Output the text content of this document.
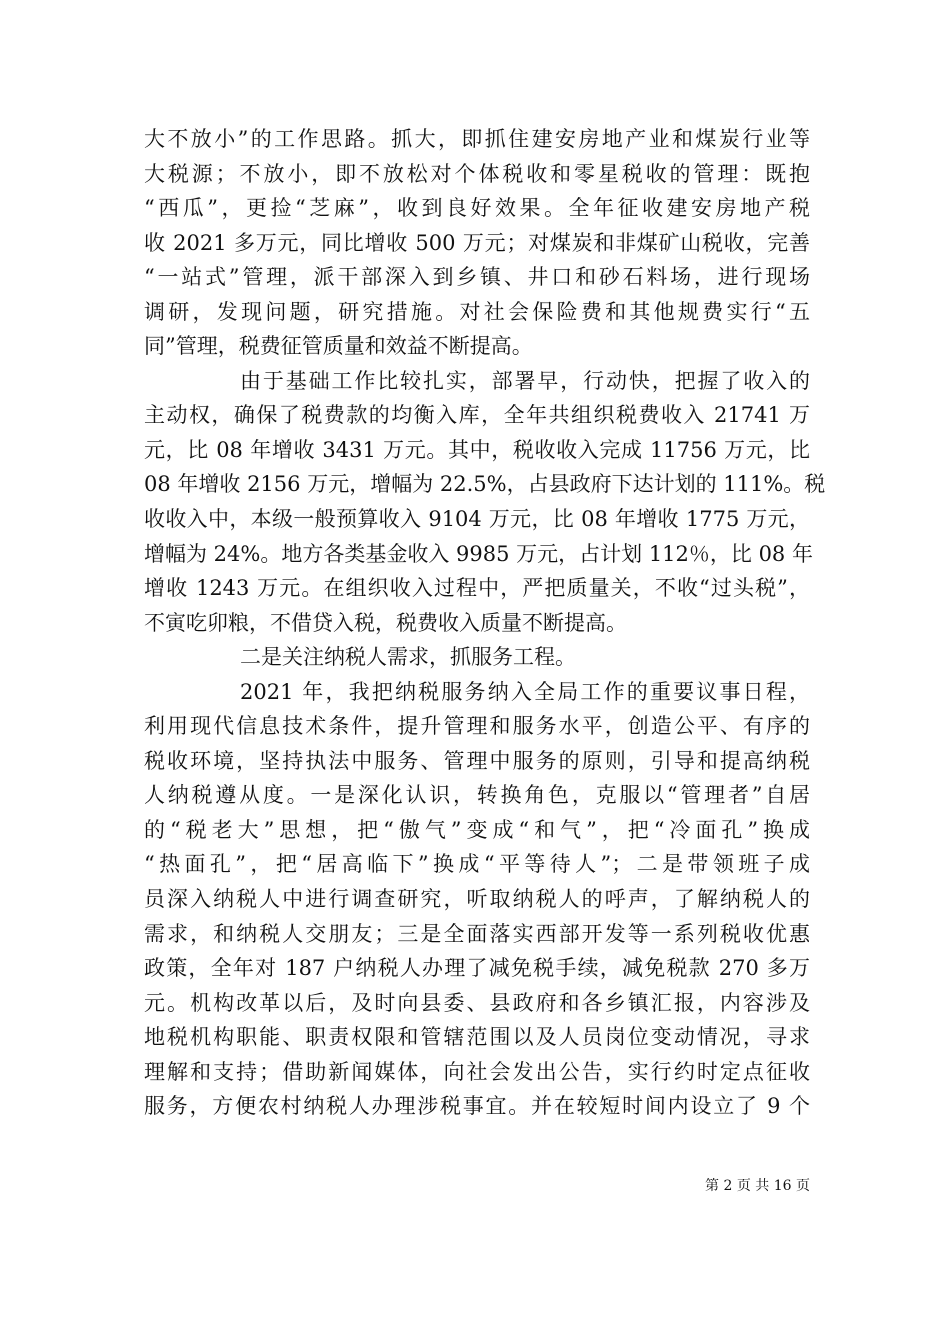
大不放小”的工作思路。抓大，即抓住建安房地产业和煤炭行业等
大税源；不放小，即不放松对个体税收和零星税收的管理：既抱
“西瓜”，更捡“芝麻”，收到良好效果。全年征收建安房地产税
收 2021 多万元，同比增收 500 万元；对煤炭和非煤矿山税收，完善
“一站式”管理，派干部深入到乡镇、井口和砂石料场，进行现场
调研，发现问题，研究措施。对社会保险费和其他规费实行“五
同”管理，税费征管质量和效益不断提高。
由于基础工作比较扎实，部署早，行动快，把握了收入的
主动权，确保了税费款的均衡入库，全年共组织税费收入 21741 万
元，比 08 年增收 3431 万元。其中，税收收入完成 11756 万元，比
08 年增收 2156 万元，增幅为 22.5%，占县政府下达计划的 111%。税
收收入中，本级一般预算收入 9104 万元，比 08 年增收 1775 万元，
增幅为 24%。地方各类基金收入 9985 万元，占计划 112％，比 08 年
增收 1243 万元。在组织收入过程中，严把质量关，不收“过头税”，
不寅吃卯粮，不借贷入税，税费收入质量不断提高。
二是关注纳税人需求，抓服务工程。
2021 年，我把纳税服务纳入全局工作的重要议事日程，
利用现代信息技术条件，提升管理和服务水平，创造公平、有序的
税收环境，坚持执法中服务、管理中服务的原则，引导和提高纳税
人纳税遵从度。一是深化认识，转换角色，克服以“管理者”自居
的“税老大”思想，把“傲气”变成“和气”，把“冷面孔”换成
“热面孔”，把“居高临下”换成“平等待人”；二是带领班子成
员深入纳税人中进行调查研究，听取纳税人的呼声，了解纳税人的
需求，和纳税人交朋友；三是全面落实西部开发等一系列税收优惠
政策，全年对 187 户纳税人办理了减免税手续，减免税款 270 多万
元。机构改革以后，及时向县委、县政府和各乡镇汇报，内容涉及
地税机构职能、职责权限和管辖范围以及人员岗位变动情况，寻求
理解和支持；借助新闻媒体，向社会发出公告，实行约时定点征收
服务，方便农村纳税人办理涉税事宜。并在较短时间内设立了 9 个
第 2 页 共 16 页
